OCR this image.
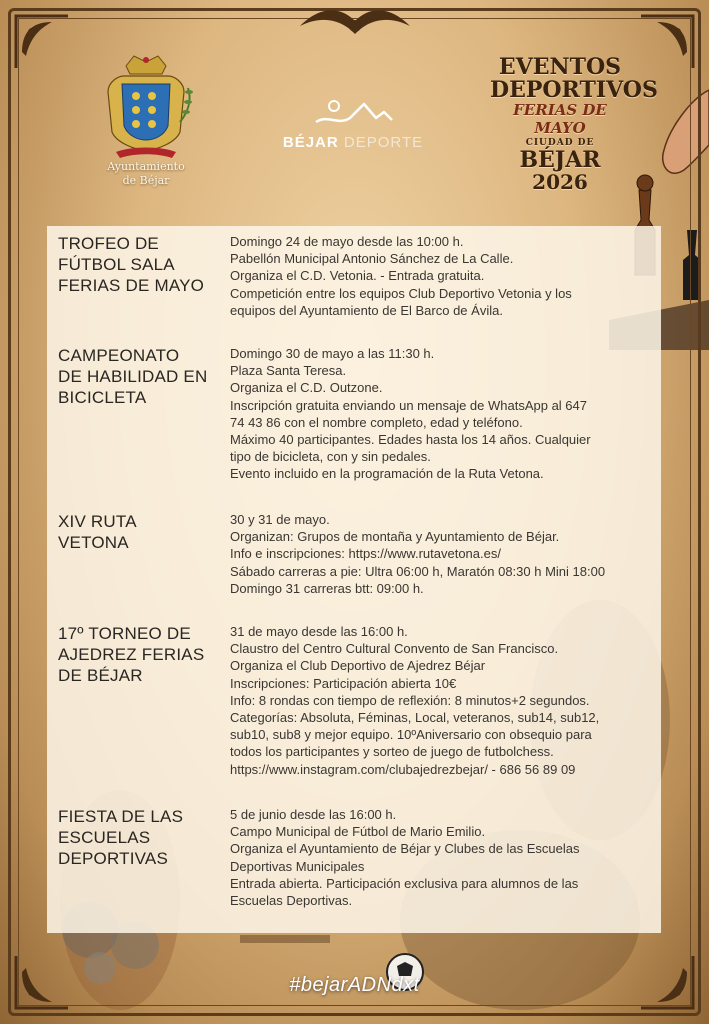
Ayuntamiento
de Béjar
BÉJAR DEPORTE
EVENTOS
DEPORTIVOS
FERIAS DE MAYO
CIUDAD DE
BÉJAR
2026
TROFEO DE
FÚTBOL SALA
FERIAS DE MAYO
Domingo 24 de mayo desde las 10:00 h.
Pabellón Municipal Antonio Sánchez de La Calle.
Organiza el C.D. Vetonia. - Entrada gratuita.
Competición entre los equipos Club Deportivo Vetonia y los
equipos del Ayuntamiento de El Barco de Ávila.
CAMPEONATO
DE HABILIDAD EN
BICICLETA
Domingo 30 de mayo a las 11:30 h.
Plaza Santa Teresa.
Organiza el C.D. Outzone.
Inscripción gratuita enviando un mensaje de WhatsApp al 647
74 43 86 con el nombre completo, edad y teléfono.
Máximo 40 participantes. Edades hasta los 14 años. Cualquier
tipo de bicicleta, con y sin pedales.
Evento incluido en la programación de la Ruta Vetona.
XIV RUTA
VETONA
30 y 31 de mayo.
Organizan: Grupos de montaña y Ayuntamiento de Béjar.
Info e inscripciones: https://www.rutavetona.es/
Sábado carreras a pie: Ultra 06:00 h, Maratón 08:30 h Mini 18:00
Domingo 31 carreras btt: 09:00 h.
17º TORNEO DE
AJEDREZ FERIAS
DE BÉJAR
31 de mayo desde las 16:00 h.
Claustro del Centro Cultural Convento de San Francisco.
Organiza el Club Deportivo de Ajedrez Béjar
Inscripciones: Participación abierta 10€
Info: 8 rondas con tiempo de reflexión: 8 minutos+2 segundos.
Categorías: Absoluta, Féminas, Local, veteranos, sub14, sub12,
sub10, sub8 y mejor equipo. 10ºAniversario con obsequio para
todos los participantes y sorteo de juego de futbolchess.
https://www.instagram.com/clubajedrezbejar/ - 686 56 89 09
FIESTA DE LAS
ESCUELAS
DEPORTIVAS
5 de junio desde las 16:00 h.
Campo Municipal de Fútbol de Mario Emilio.
Organiza el Ayuntamiento de Béjar y Clubes de las Escuelas
Deportivas Municipales
Entrada abierta. Participación exclusiva para alumnos de las
Escuelas Deportivas.
#bejarADNdxt
